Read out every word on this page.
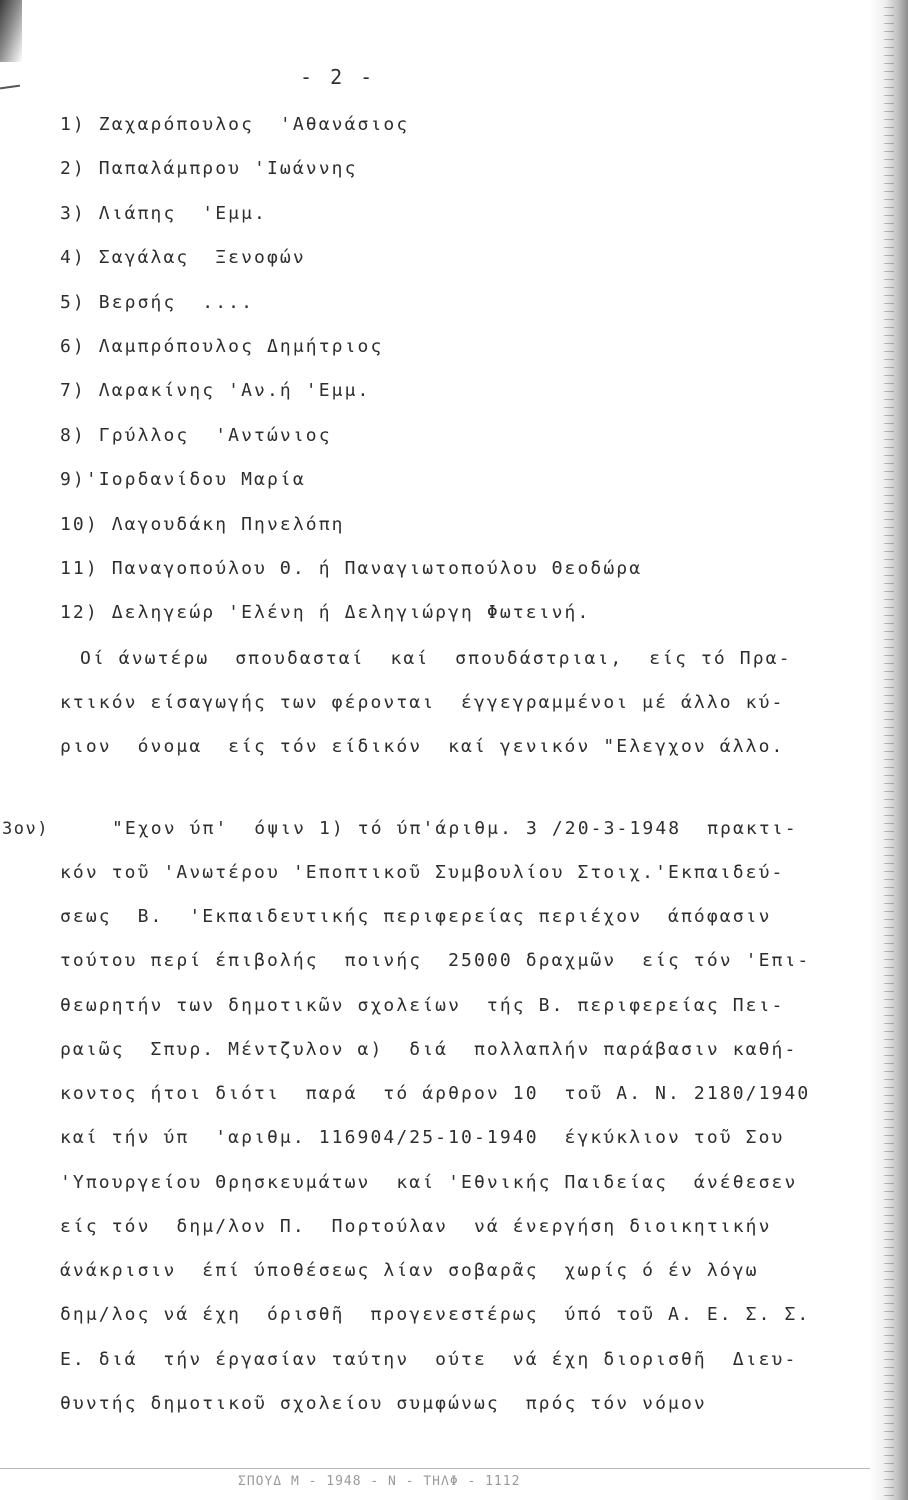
- 2 -
1) Ζαχαρόπουλος  'Αθανάσιος
2) Παπαλάμπρου 'Ιωάννης
3) Λιάπης  'Εμμ.
4) Σαγάλας  Ξενοφών
5) Βερσής  ....
6) Λαμπρόπουλος Δημήτριος
7) Λαρακίνης 'Αν.ή 'Εμμ.
8) Γρύλλος  'Αντώνιος
9)'Ιορδανίδου Μαρία
10) Λαγουδάκη Πηνελόπη
11) Παναγοπούλου Θ. ή Παναγιωτοπούλου Θεοδώρα
12) Δεληγεώρ 'Ελένη ή Δεληγιώργη Φωτεινή.
Οί άνωτέρω  σπουδασταί  καί  σπουδάστριαι,  είς τό Πρα-
κτικόν είσαγωγής των φέρονται  έγγεγραμμένοι μέ άλλο κύ-
ριον  όνομα  είς τόν είδικόν  καί γενικόν "Ελεγχον άλλο.
3ον)	"Εχον ύπ'  όψιν 1) τό ύπ'άριθμ. 3 /20-3-1948  πρακτι-
κόν τοῦ 'Ανωτέρου 'Εποπτικοῦ Συμβουλίου Στοιχ.'Εκπαιδεύ-
σεως  Β.  'Εκπαιδευτικής περιφερείας περιέχον  άπόφασιν
τούτου περί έπιβολής  ποινής  25000 δραχμῶν  είς τόν 'Επι-
θεωρητήν των δημοτικῶν σχολείων  τής Β. περιφερείας Πει-
ραιῶς  Σπυρ. Μέντζυλον α)  διά  πολλαπλήν παράβασιν καθή-
κοντος ήτοι διότι  παρά  τό άρθρον 10  τοῦ Α. Ν. 2180/1940
καί τήν ύπ  'αριθμ. 116904/25-10-1940  έγκύκλιον τοῦ Σου
'Υπουργείου Θρησκευμάτων  καί 'Εθνικής Παιδείας  άνέθεσεν
είς τόν  δημ/λον Π.  Πορτούλαν  νά ένεργήση διοικητικήν
άνάκρισιν  έπί ύποθέσεως λίαν σοβαρᾶς  χωρίς ό έν λόγω
δημ/λος νά έχη  όρισθῆ  προγενεστέρως  ύπό τοῦ Α. Ε. Σ. Σ.
Ε. διά  τήν έργασίαν ταύτην  ούτε  νά έχη διορισθῆ  Διευ-
θυντής δημοτικοῦ σχολείου συμφώνως  πρός τόν νόμον
ΣΠΟΥΔ Μ - 1948 - Ν - ΤΗΛΦ - 1112
